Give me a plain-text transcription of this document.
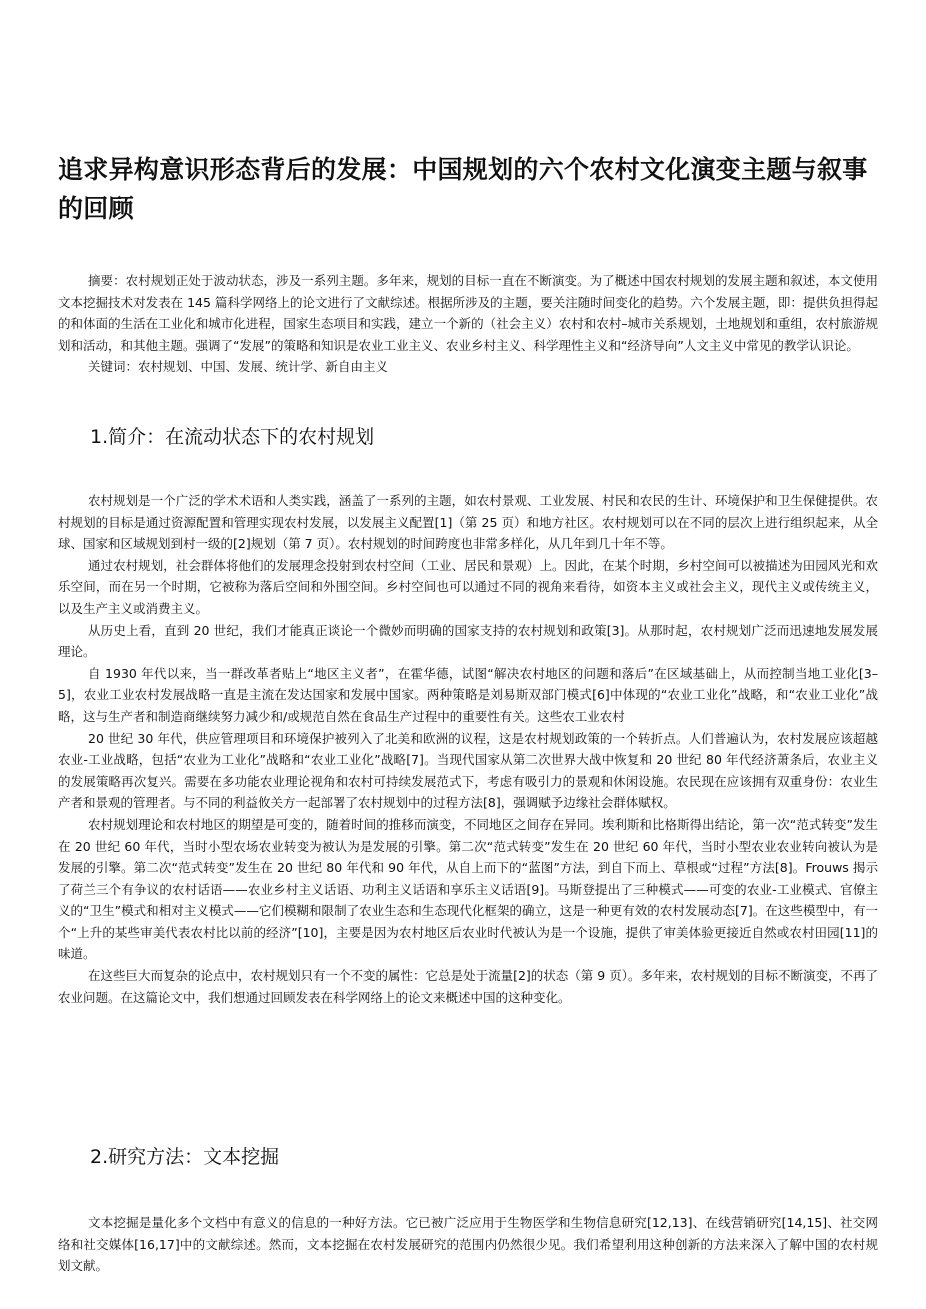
追求异构意识形态背后的发展：中国规划的六个农村文化演变主题与叙事的回顾

摘要：农村规划正处于波动状态，涉及一系列主题。多年来，规划的目标一直在不断演变。为了概述中国农村规划的发展主题和叙述，本文使用文本挖掘技术对发表在 145 篇科学网络上的论文进行了文献综述。根据所涉及的主题，要关注随时间变化的趋势。六个发展主题，即：提供负担得起的和体面的生活在工业化和城市化进程，国家生态项目和实践，建立一个新的（社会主义）农村和农村–城市关系规划，土地规划和重组，农村旅游规划和活动，和其他主题。强调了“发展”的策略和知识是农业工业主义、农业乡村主义、科学理性主义和“经济导向”人文主义中常见的教学认识论。

关键词：农村规划、中国、发展、统计学、新自由主义

1.简介：在流动状态下的农村规划

农村规划是一个广泛的学术术语和人类实践，涵盖了一系列的主题，如农村景观、工业发展、村民和农民的生计、环境保护和卫生保健提供。农村规划的目标是通过资源配置和管理实现农村发展，以发展主义配置[1]（第 25 页）和地方社区。农村规划可以在不同的层次上进行组织起来，从全球、国家和区域规划到村一级的[2]规划（第 7 页）。农村规划的时间跨度也非常多样化，从几年到几十年不等。

通过农村规划，社会群体将他们的发展理念投射到农村空间（工业、居民和景观）上。因此，在某个时期，乡村空间可以被描述为田园风光和欢乐空间，而在另一个时期，它被称为落后空间和外围空间。乡村空间也可以通过不同的视角来看待，如资本主义或社会主义，现代主义或传统主义，以及生产主义或消费主义。

从历史上看，直到 20 世纪，我们才能真正谈论一个微妙而明确的国家支持的农村规划和政策[3]。从那时起，农村规划广泛而迅速地发展发展理论。

自 1930 年代以来，当一群改革者贴上“地区主义者”，在霍华德，试图“解决农村地区的问题和落后”在区域基础上，从而控制当地工业化[3–5]，农业工业农村发展战略一直是主流在发达国家和发展中国家。两种策略是刘易斯双部门模式[6]中体现的“农业工业化”战略，和“农业工业化”战略，这与生产者和制造商继续努力减少和/或规范自然在食品生产过程中的重要性有关。这些农工业农村

20 世纪 30 年代，供应管理项目和环境保护被列入了北美和欧洲的议程，这是农村规划政策的一个转折点。人们普遍认为，农村发展应该超越农业-工业战略，包括“农业为工业化”战略和“农业工业化”战略[7]。当现代国家从第二次世界大战中恢复和 20 世纪 80 年代经济萧条后，农业主义的发展策略再次复兴。需要在多功能农业理论视角和农村可持续发展范式下，考虑有吸引力的景观和休闲设施。农民现在应该拥有双重身份：农业生产者和景观的管理者。与不同的利益攸关方一起部署了农村规划中的过程方法[8]，强调赋予边缘社会群体赋权。

农村规划理论和农村地区的期望是可变的，随着时间的推移而演变，不同地区之间存在异同。埃利斯和比格斯得出结论，第一次“范式转变”发生在 20 世纪 60 年代，当时小型农场农业转变为被认为是发展的引擎。第二次“范式转变”发生在 20 世纪 60 年代，当时小型农业农业转向被认为是发展的引擎。第二次“范式转变”发生在 20 世纪 80 年代和 90 年代，从自上而下的“蓝图”方法，到自下而上、草根或“过程”方法[8]。Frouws 揭示了荷兰三个有争议的农村话语——农业乡村主义话语、功利主义话语和享乐主义话语[9]。马斯登提出了三种模式——可变的农业-工业模式、官僚主义的“卫生”模式和相对主义模式——它们模糊和限制了农业生态和生态现代化框架的确立，这是一种更有效的农村发展动态[7]。在这些模型中，有一个“上升的某些审美代表农村比以前的经济”[10]，主要是因为农村地区后农业时代被认为是一个设施，提供了审美体验更接近自然或农村田园[11]的味道。

在这些巨大而复杂的论点中，农村规划只有一个不变的属性：它总是处于流量[2]的状态（第 9 页）。多年来，农村规划的目标不断演变，不再了农业问题。在这篇论文中，我们想通过回顾发表在科学网络上的论文来概述中国的这种变化。

2.研究方法：文本挖掘

文本挖掘是量化多个文档中有意义的信息的一种好方法。它已被广泛应用于生物医学和生物信息研究[12,13]、在线营销研究[14,15]、社交网络和社交媒体[16,17]中的文献综述。然而，文本挖掘在农村发展研究的范围内仍然很少见。我们希望利用这种创新的方法来深入了解中国的农村规划文献。
